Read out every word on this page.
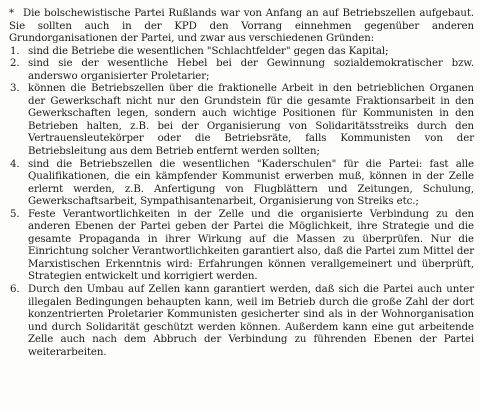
* Die bolschewistische Partei Rußlands war von Anfang an auf Betriebszellen aufgebaut. Sie sollten auch in der KPD den Vorrang einnehmen gegenüber anderen Grundorganisationen der Partei, und zwar aus verschiedenen Gründen:

1. sind die Betriebe die wesentlichen "Schlachtfelder" gegen das Kapital;
2. sind sie der wesentliche Hebel bei der Gewinnung sozialdemokratischer bzw. anderswo organisierter Proletarier;
3. können die Betriebszellen über die fraktionelle Arbeit in den betrieblichen Organen der Gewerkschaft nicht nur den Grundstein für die gesamte Fraktionsarbeit in den Gewerkschaften legen, sondern auch wichtige Positionen für Kommunisten in den Betrieben halten, z.B. bei der Organisierung von Solidaritätsstreiks durch den Vertrauensleutekörper oder die Betriebsräte, falls Kommunisten von der Betriebsleitung aus dem Betrieb entfernt werden sollten;
4. sind die Betriebszellen die wesentlichen "Kaderschulen" für die Partei: fast alle Qualifikationen, die ein kämpfender Kommunist erwerben muß, können in der Zelle erlernt werden, z.B. Anfertigung von Flugblättern und Zeitungen, Schulung, Gewerkschaftsarbeit, Sympathisantenarbeit, Organisierung von Streiks etc.;
5. Feste Verantwortlichkeiten in der Zelle und die organisierte Verbindung zu den anderen Ebenen der Partei geben der Partei die Möglichkeit, ihre Strategie und die gesamte Propaganda in ihrer Wirkung auf die Massen zu überprüfen. Nur die Einrichtung solcher Verantwortlichkeiten garantiert also, daß die Partei zum Mittel der Marxistischen Erkenntnis wird: Erfahrungen können verallgemeinert und überprüft, Strategien entwickelt und korrigiert werden.
6. Durch den Umbau auf Zellen kann garantiert werden, daß sich die Partei auch unter illegalen Bedingungen behaupten kann, weil im Betrieb durch die große Zahl der dort konzentrierten Proletarier Kommunisten gesicherter sind als in der Wohnorganisation und durch Solidarität geschützt werden können. Außerdem kann eine gut arbeitende Zelle auch nach dem Abbruch der Verbindung zu führenden Ebenen der Partei weiterarbeiten.
